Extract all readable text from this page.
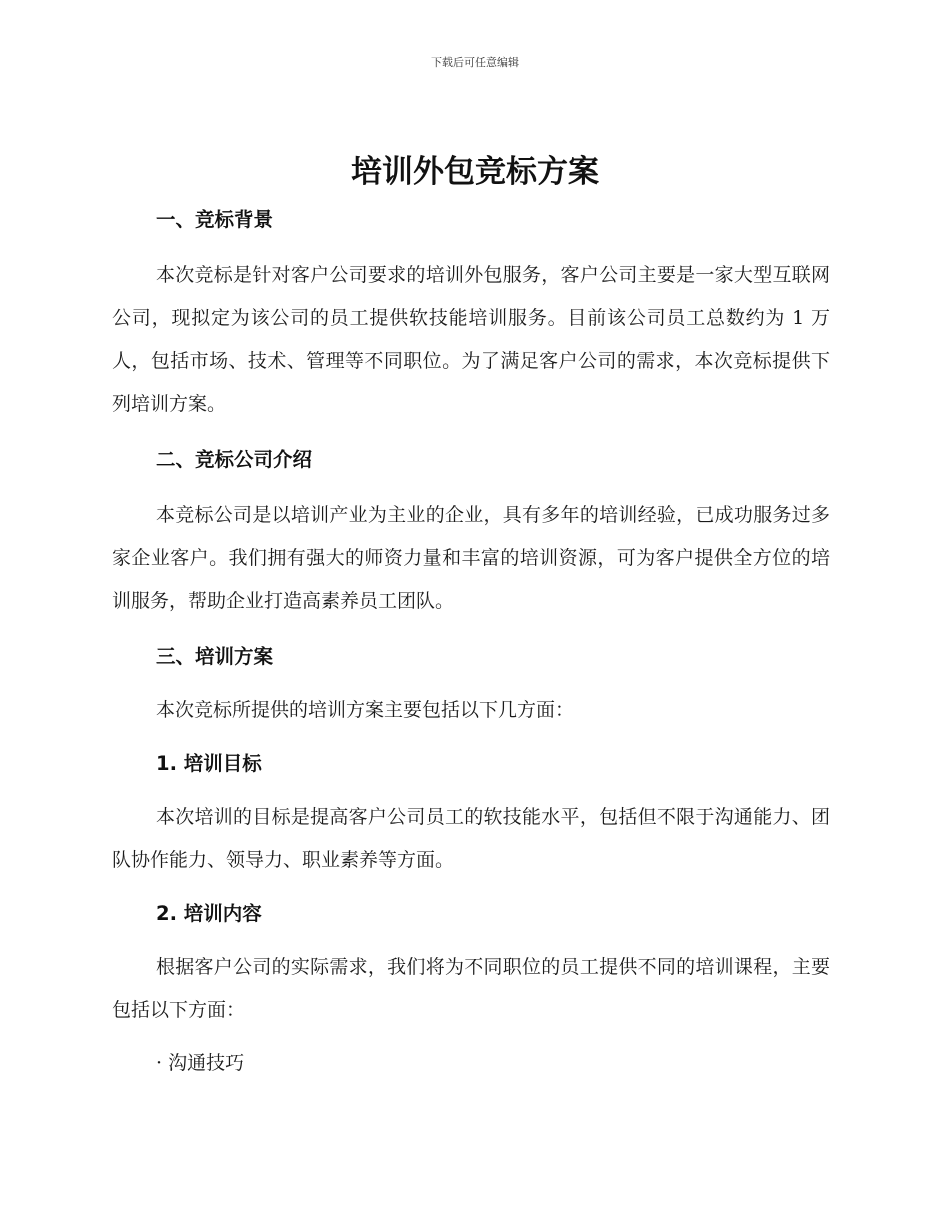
下载后可任意编辑
培训外包竞标方案

一、竞标背景

本次竞标是针对客户公司要求的培训外包服务，客户公司主要是一家大型互联网公司，现拟定为该公司的员工提供软技能培训服务。目前该公司员工总数约为 1 万人，包括市场、技术、管理等不同职位。为了满足客户公司的需求，本次竞标提供下列培训方案。

二、竞标公司介绍

本竞标公司是以培训产业为主业的企业，具有多年的培训经验，已成功服务过多家企业客户。我们拥有强大的师资力量和丰富的培训资源，可为客户提供全方位的培训服务，帮助企业打造高素养员工团队。

三、培训方案

本次竞标所提供的培训方案主要包括以下几方面：

1. 培训目标

本次培训的目标是提高客户公司员工的软技能水平，包括但不限于沟通能力、团队协作能力、领导力、职业素养等方面。

2. 培训内容

根据客户公司的实际需求，我们将为不同职位的员工提供不同的培训课程，主要包括以下方面：

· 沟通技巧
